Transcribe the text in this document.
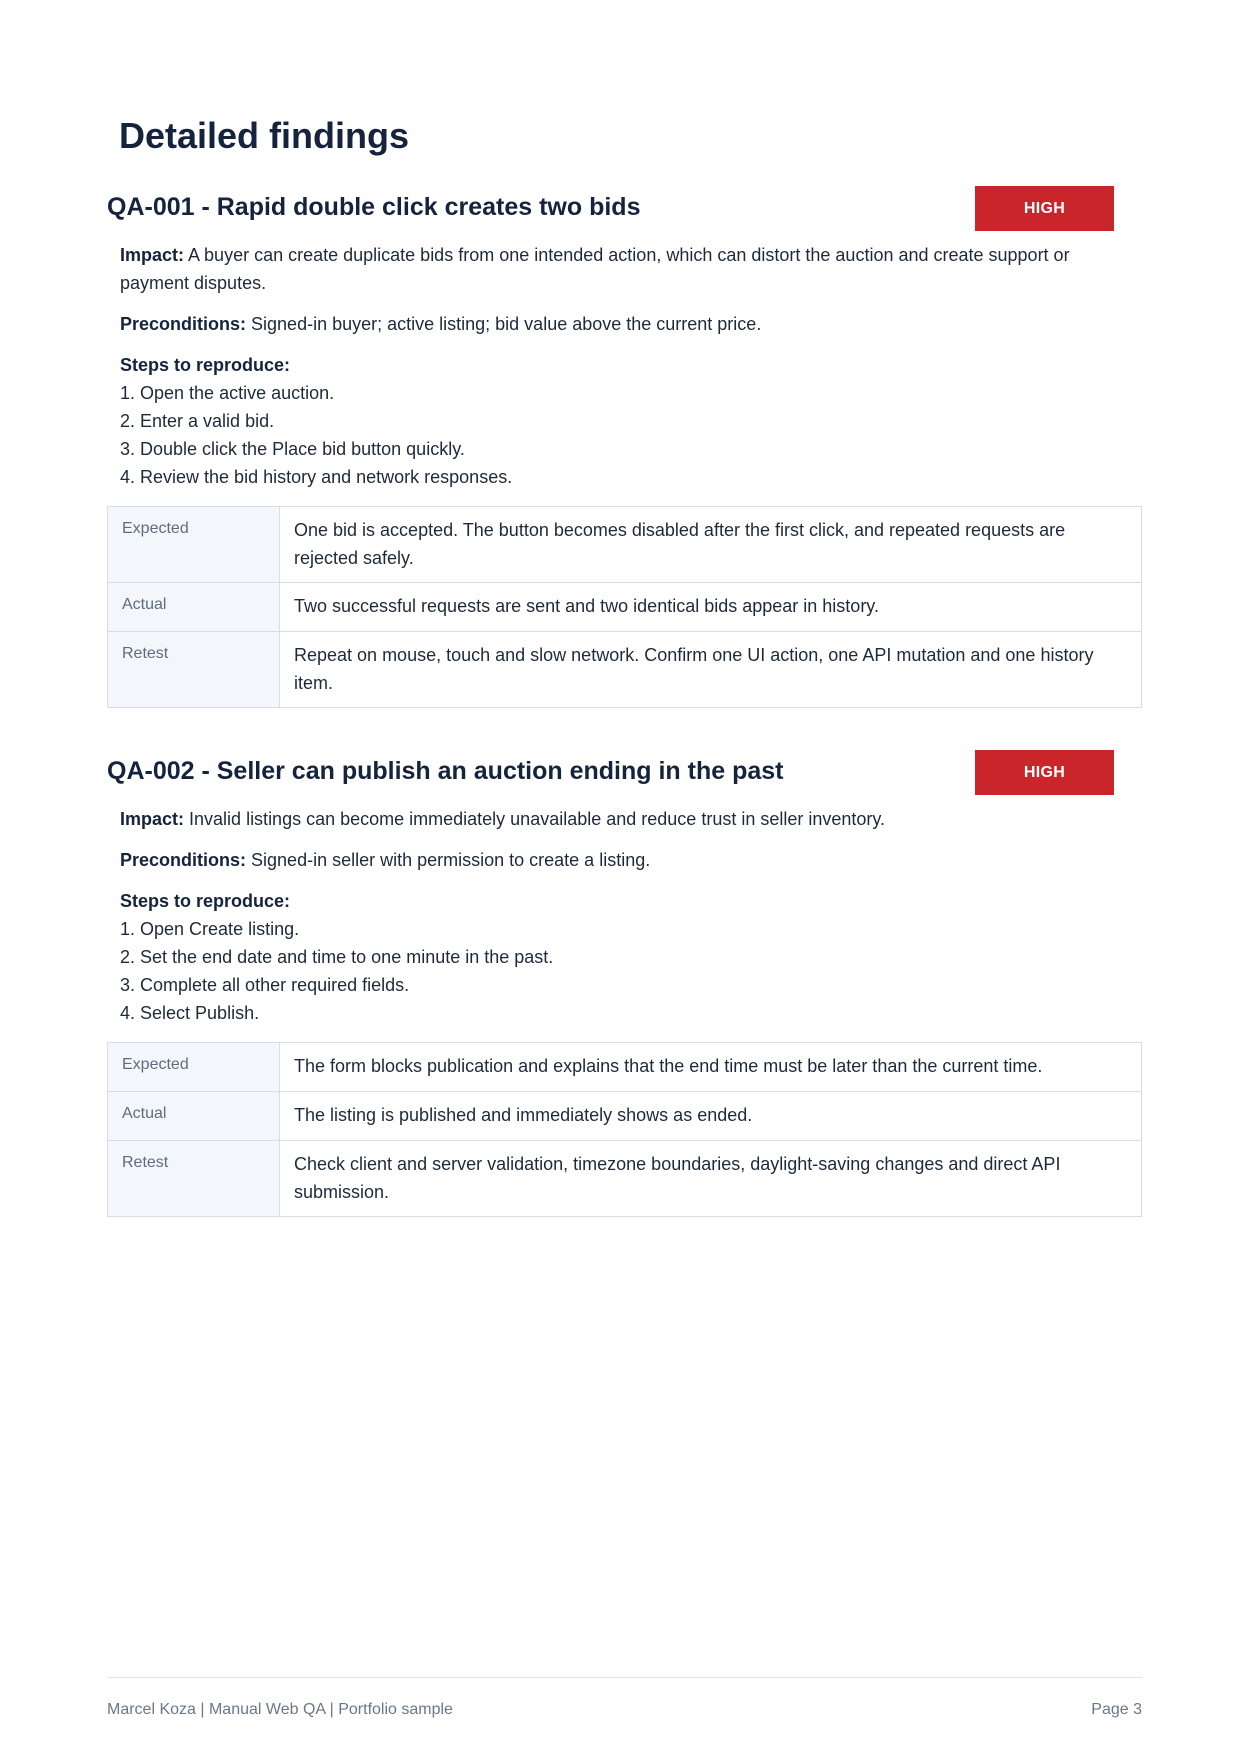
Detailed findings
QA-001 - Rapid double click creates two bids	HIGH

Impact: A buyer can create duplicate bids from one intended action, which can distort the auction and create support or payment disputes.

Preconditions: Signed-in buyer; active listing; bid value above the current price.

Steps to reproduce:

1. Open the active auction.
2. Enter a valid bid.
3. Double click the Place bid button quickly.
4. Review the bid history and network responses.
Expected	One bid is accepted. The button becomes disabled after the first click, and repeated requests are rejected safely.
Actual	Two successful requests are sent and two identical bids appear in history.
Retest	Repeat on mouse, touch and slow network. Confirm one UI action, one API mutation and one history item.
QA-002 - Seller can publish an auction ending in the past	HIGH

Impact: Invalid listings can become immediately unavailable and reduce trust in seller inventory.

Preconditions: Signed-in seller with permission to create a listing.

Steps to reproduce:

1. Open Create listing.
2. Set the end date and time to one minute in the past.
3. Complete all other required fields.
4. Select Publish.
Expected	The form blocks publication and explains that the end time must be later than the current time.
Actual	The listing is published and immediately shows as ended.
Retest	Check client and server validation, timezone boundaries, daylight-saving changes and direct API submission.
Marcel Koza | Manual Web QA | Portfolio sample	Page 3
